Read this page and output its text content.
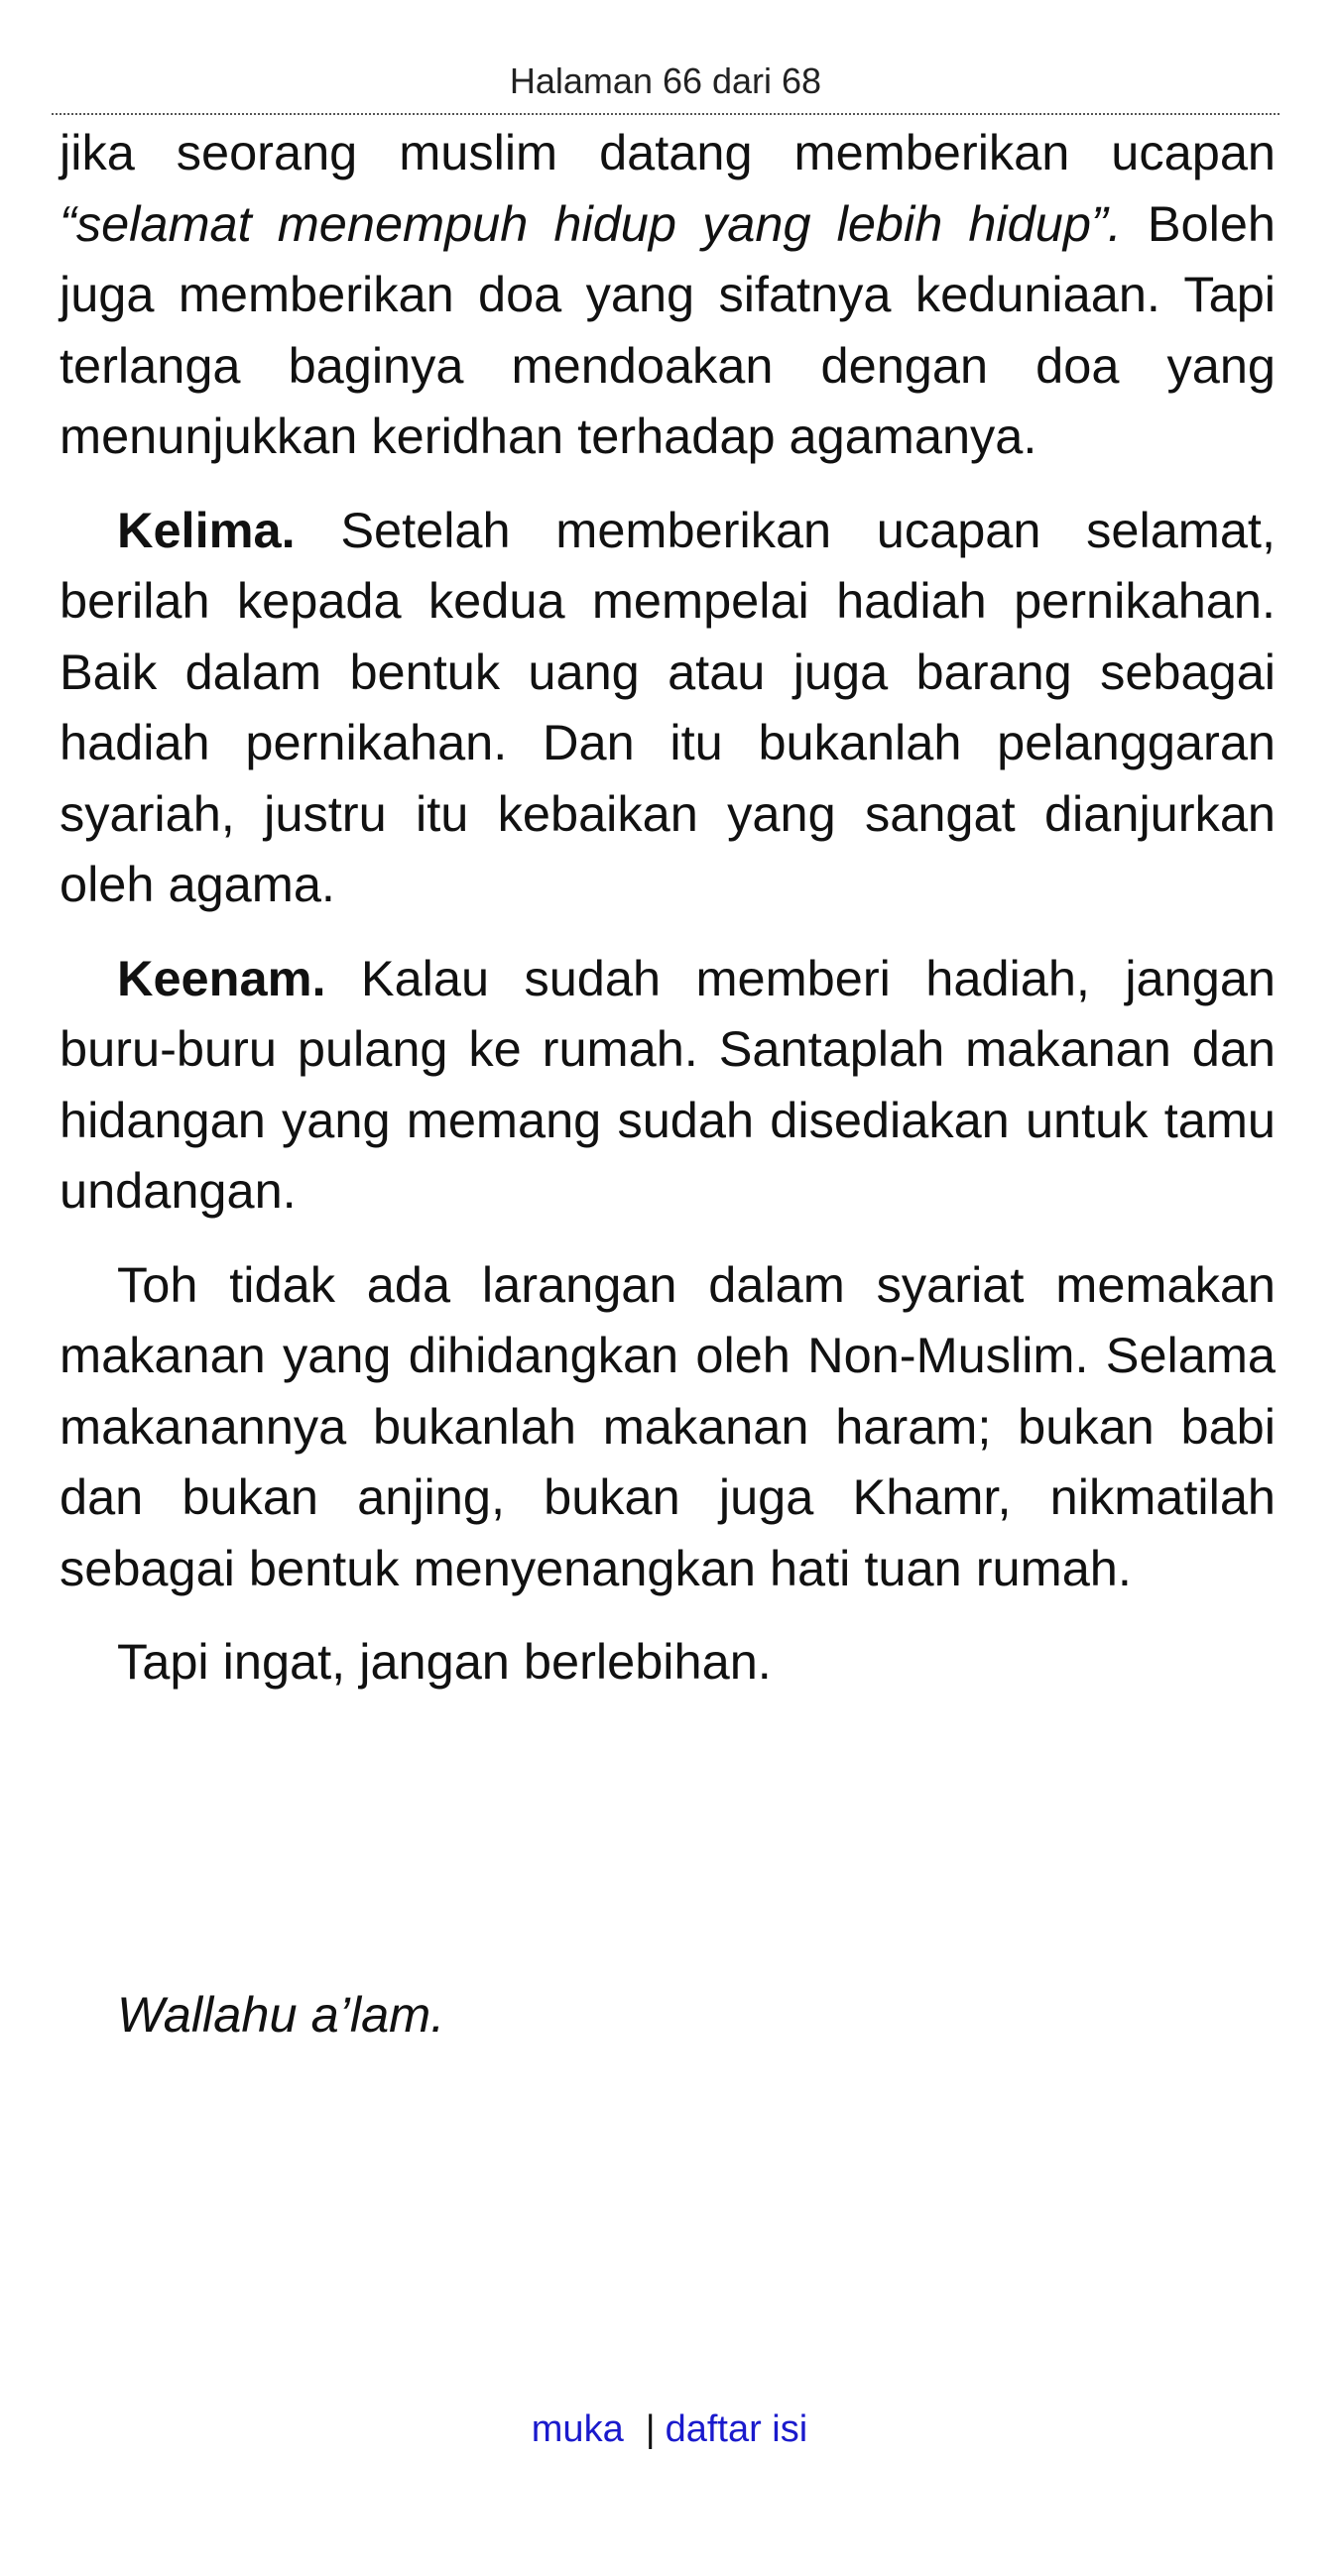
Halaman 66 dari 68

jika seorang muslim datang memberikan ucapan “selamat menempuh hidup yang lebih hidup”. Boleh juga memberikan doa yang sifatnya keduniaan. Tapi terlanga baginya mendoakan dengan doa yang menunjukkan keridhan terhadap agamanya.

Kelima. Setelah memberikan ucapan selamat, berilah kepada kedua mempelai hadiah pernikahan. Baik dalam bentuk uang atau juga barang sebagai hadiah pernikahan. Dan itu bukanlah pelanggaran syariah, justru itu kebaikan yang sangat dianjurkan oleh agama.

Keenam. Kalau sudah memberi hadiah, jangan buru-buru pulang ke rumah. Santaplah makanan dan hidangan yang memang sudah disediakan untuk tamu undangan.

Toh tidak ada larangan dalam syariat memakan makanan yang dihidangkan oleh Non-Muslim. Selama makanannya bukanlah makanan haram; bukan babi dan bukan anjing, bukan juga Khamr, nikmatilah sebagai bentuk menyenangkan hati tuan rumah.

Tapi ingat, jangan berlebihan.

Wallahu a’lam.

muka | daftar isi
